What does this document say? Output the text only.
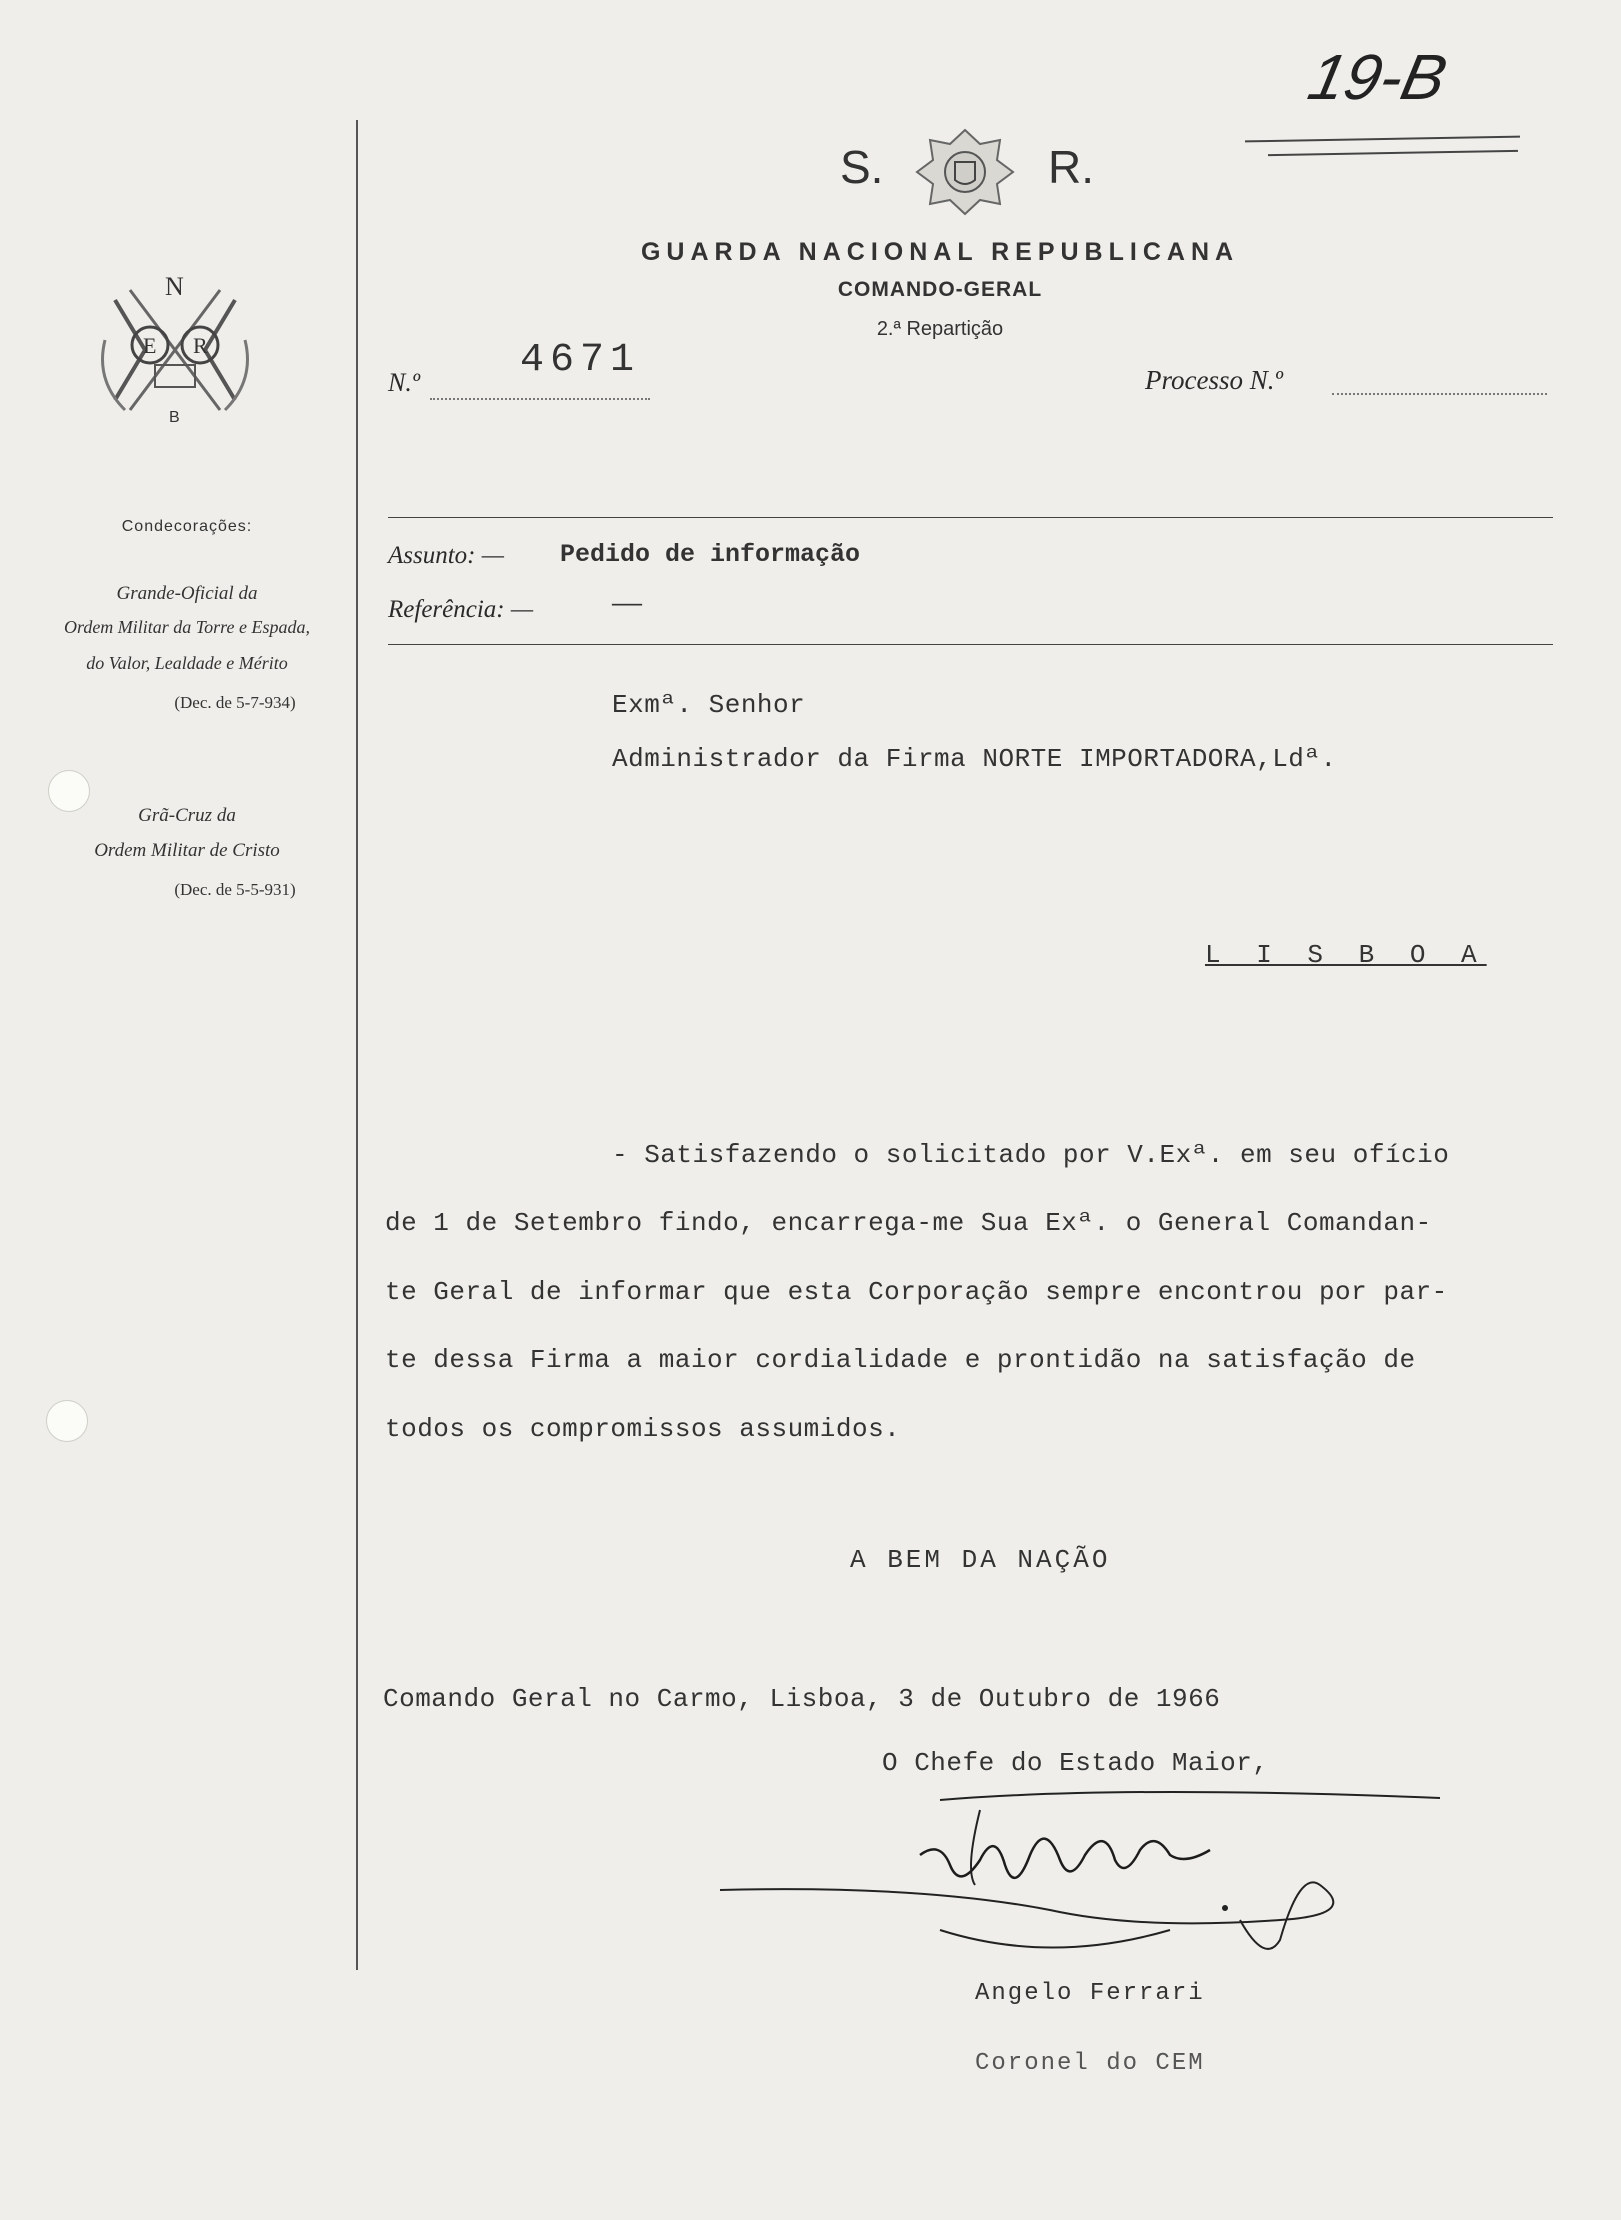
19-B
E R
N
B
Condecorações:
Grande-Oficial da
Ordem Militar da Torre e Espada,
do Valor, Lealdade e Mérito
(Dec. de 5-7-934)
Grã-Cruz da
Ordem Militar de Cristo
(Dec. de 5-5-931)
S.	R.
GUARDA NACIONAL REPUBLICANA
COMANDO-GERAL
2.ª Repartição
N.º	4671	Processo N.º
Assunto: — Pedido de informação
Referência: —	——
Exmª. Senhor
Administrador da Firma NORTE IMPORTADORA,Ldª.
L I S B O A
- Satisfazendo o solicitado por V.Exª. em seu ofício
de 1 de Setembro findo, encarrega-me Sua Exª. o General Comandan-
te Geral de informar que esta Corporação sempre encontrou por par-
te dessa Firma a maior cordialidade e prontidão na satisfação de
todos os compromissos assumidos.
A BEM DA NAÇÃO
Comando Geral no Carmo, Lisboa, 3 de Outubro de 1966
O Chefe do Estado Maior,
Angelo Ferrari
Coronel do CEM
